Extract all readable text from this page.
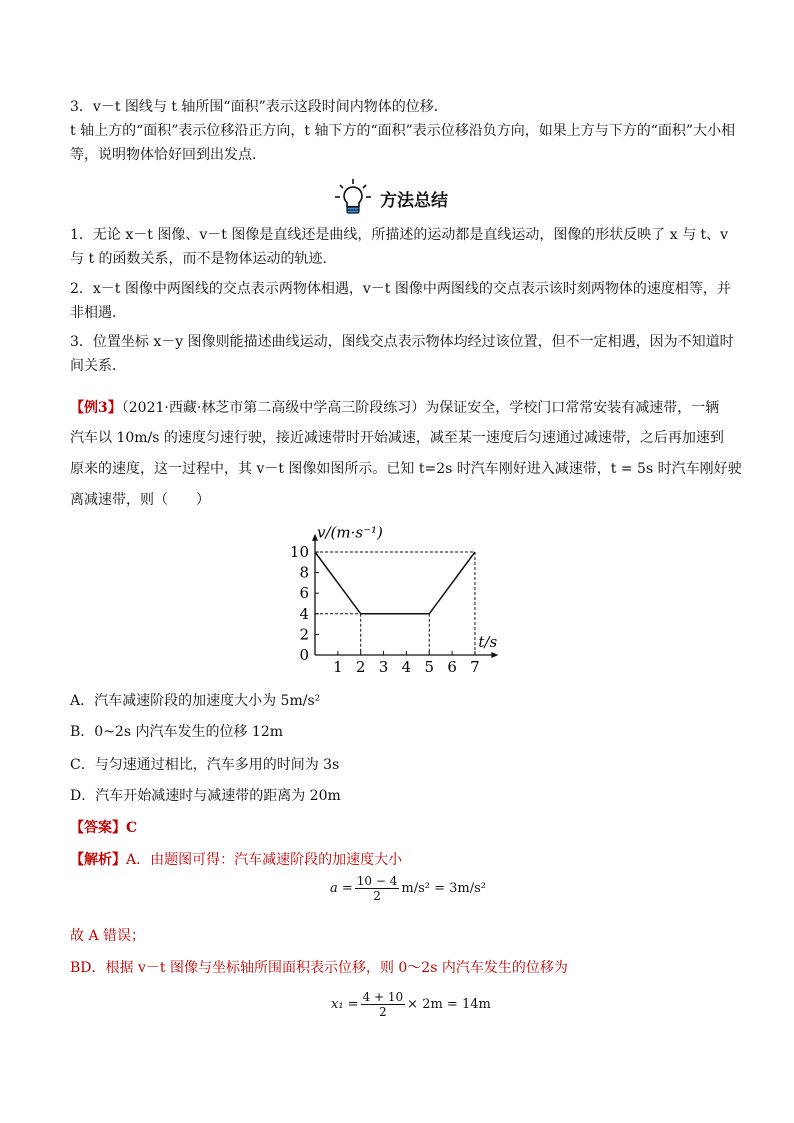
3．v－t 图线与 t 轴所围“面积”表示这段时间内物体的位移．
t 轴上方的“面积”表示位移沿正方向，t 轴下方的“面积”表示位移沿负方向，如果上方与下方的“面积”大小相
等，说明物体恰好回到出发点．
方法总结
1．无论 x－t 图像、v－t 图像是直线还是曲线，所描述的运动都是直线运动，图像的形状反映了 x 与 t、v
与 t 的函数关系，而不是物体运动的轨迹．
2．x－t 图像中两图线的交点表示两物体相遇，v－t 图像中两图线的交点表示该时刻两物体的速度相等，并
非相遇．
3．位置坐标 x－y 图像则能描述曲线运动，图线交点表示物体均经过该位置，但不一定相遇，因为不知道时
间关系．
【例3】（2021·西藏·林芝市第二高级中学高三阶段练习）为保证安全，学校门口常常安装有减速带，一辆
汽车以 10m/s 的速度匀速行驶，接近减速带时开始减速，减至某一速度后匀速通过减速带，之后再加速到
原来的速度，这一过程中，其 v－t 图像如图所示。已知 t=2s 时汽车刚好进入减速带，t = 5s 时汽车刚好驶
离减速带，则（　　）
1 2 3 4 5 6 7
0
2
4
6
8
10
v/(m·s⁻¹)
t/s
A．汽车减速阶段的加速度大小为 5m/s²
B．0~2s 内汽车发生的位移 12m
C．与匀速通过相比，汽车多用的时间为 3s
D．汽车开始减速时与减速带的距离为 20m
【答案】C
【解析】A．由题图可得：汽车减速阶段的加速度大小
$a = \frac{10 - 4}{2} m/s^2 = 3m/s^2$
故 A 错误；
BD．根据 v－t 图像与坐标轴所围面积表示位移，则 0～2s 内汽车发生的位移为
$x_1 = \frac{4 + 10}{2} \times 2m = 14m$
